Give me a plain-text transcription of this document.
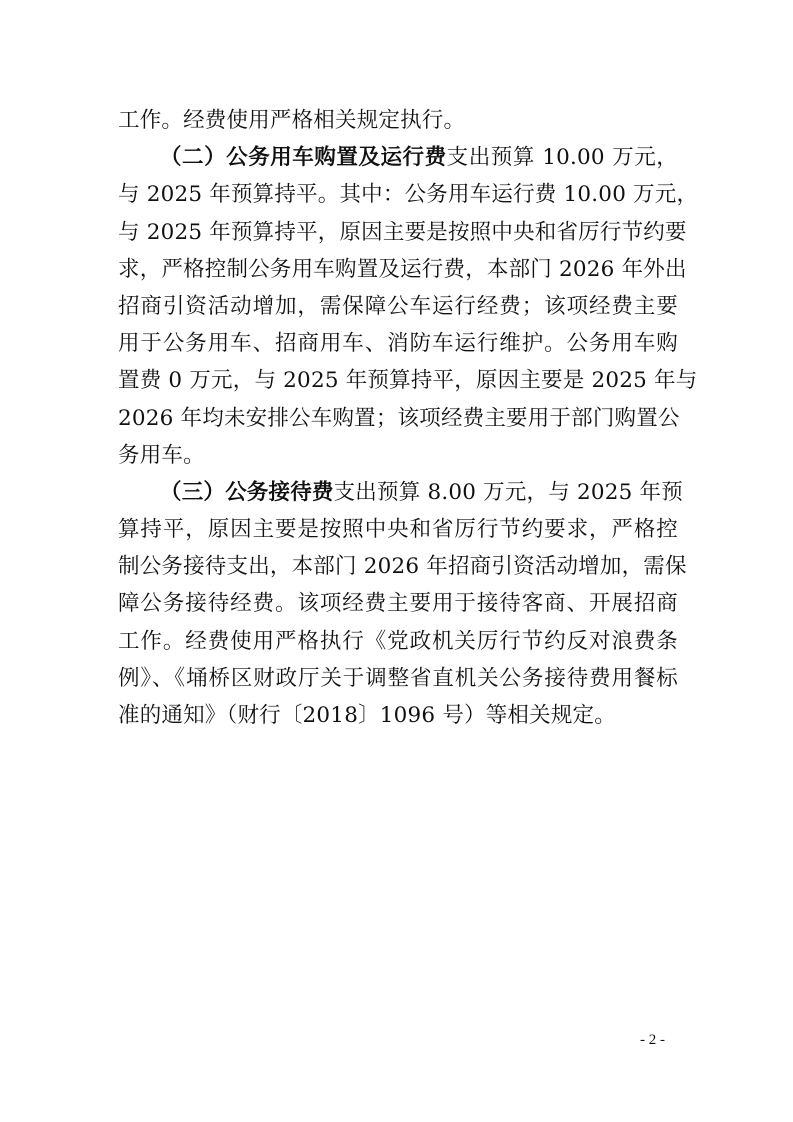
工作。经费使用严格相关规定执行。
（二）公务用车购置及运行费支出预算 10.00 万元，
与 2025 年预算持平。其中：公务用车运行费 10.00 万元，
与 2025 年预算持平，原因主要是按照中央和省厉行节约要
求，严格控制公务用车购置及运行费，本部门 2026 年外出
招商引资活动增加，需保障公车运行经费；该项经费主要
用于公务用车、招商用车、消防车运行维护。公务用车购
置费 0 万元，与 2025 年预算持平，原因主要是 2025 年与
2026 年均未安排公车购置；该项经费主要用于部门购置公
务用车。
（三）公务接待费支出预算 8.00 万元，与 2025 年预
算持平，原因主要是按照中央和省厉行节约要求，严格控
制公务接待支出，本部门 2026 年招商引资活动增加，需保
障公务接待经费。该项经费主要用于接待客商、开展招商
工作。经费使用严格执行《党政机关厉行节约反对浪费条
例》、《埇桥区财政厅关于调整省直机关公务接待费用餐标
准的通知》（财行〔2018〕1096 号）等相关规定。
- 2 -
